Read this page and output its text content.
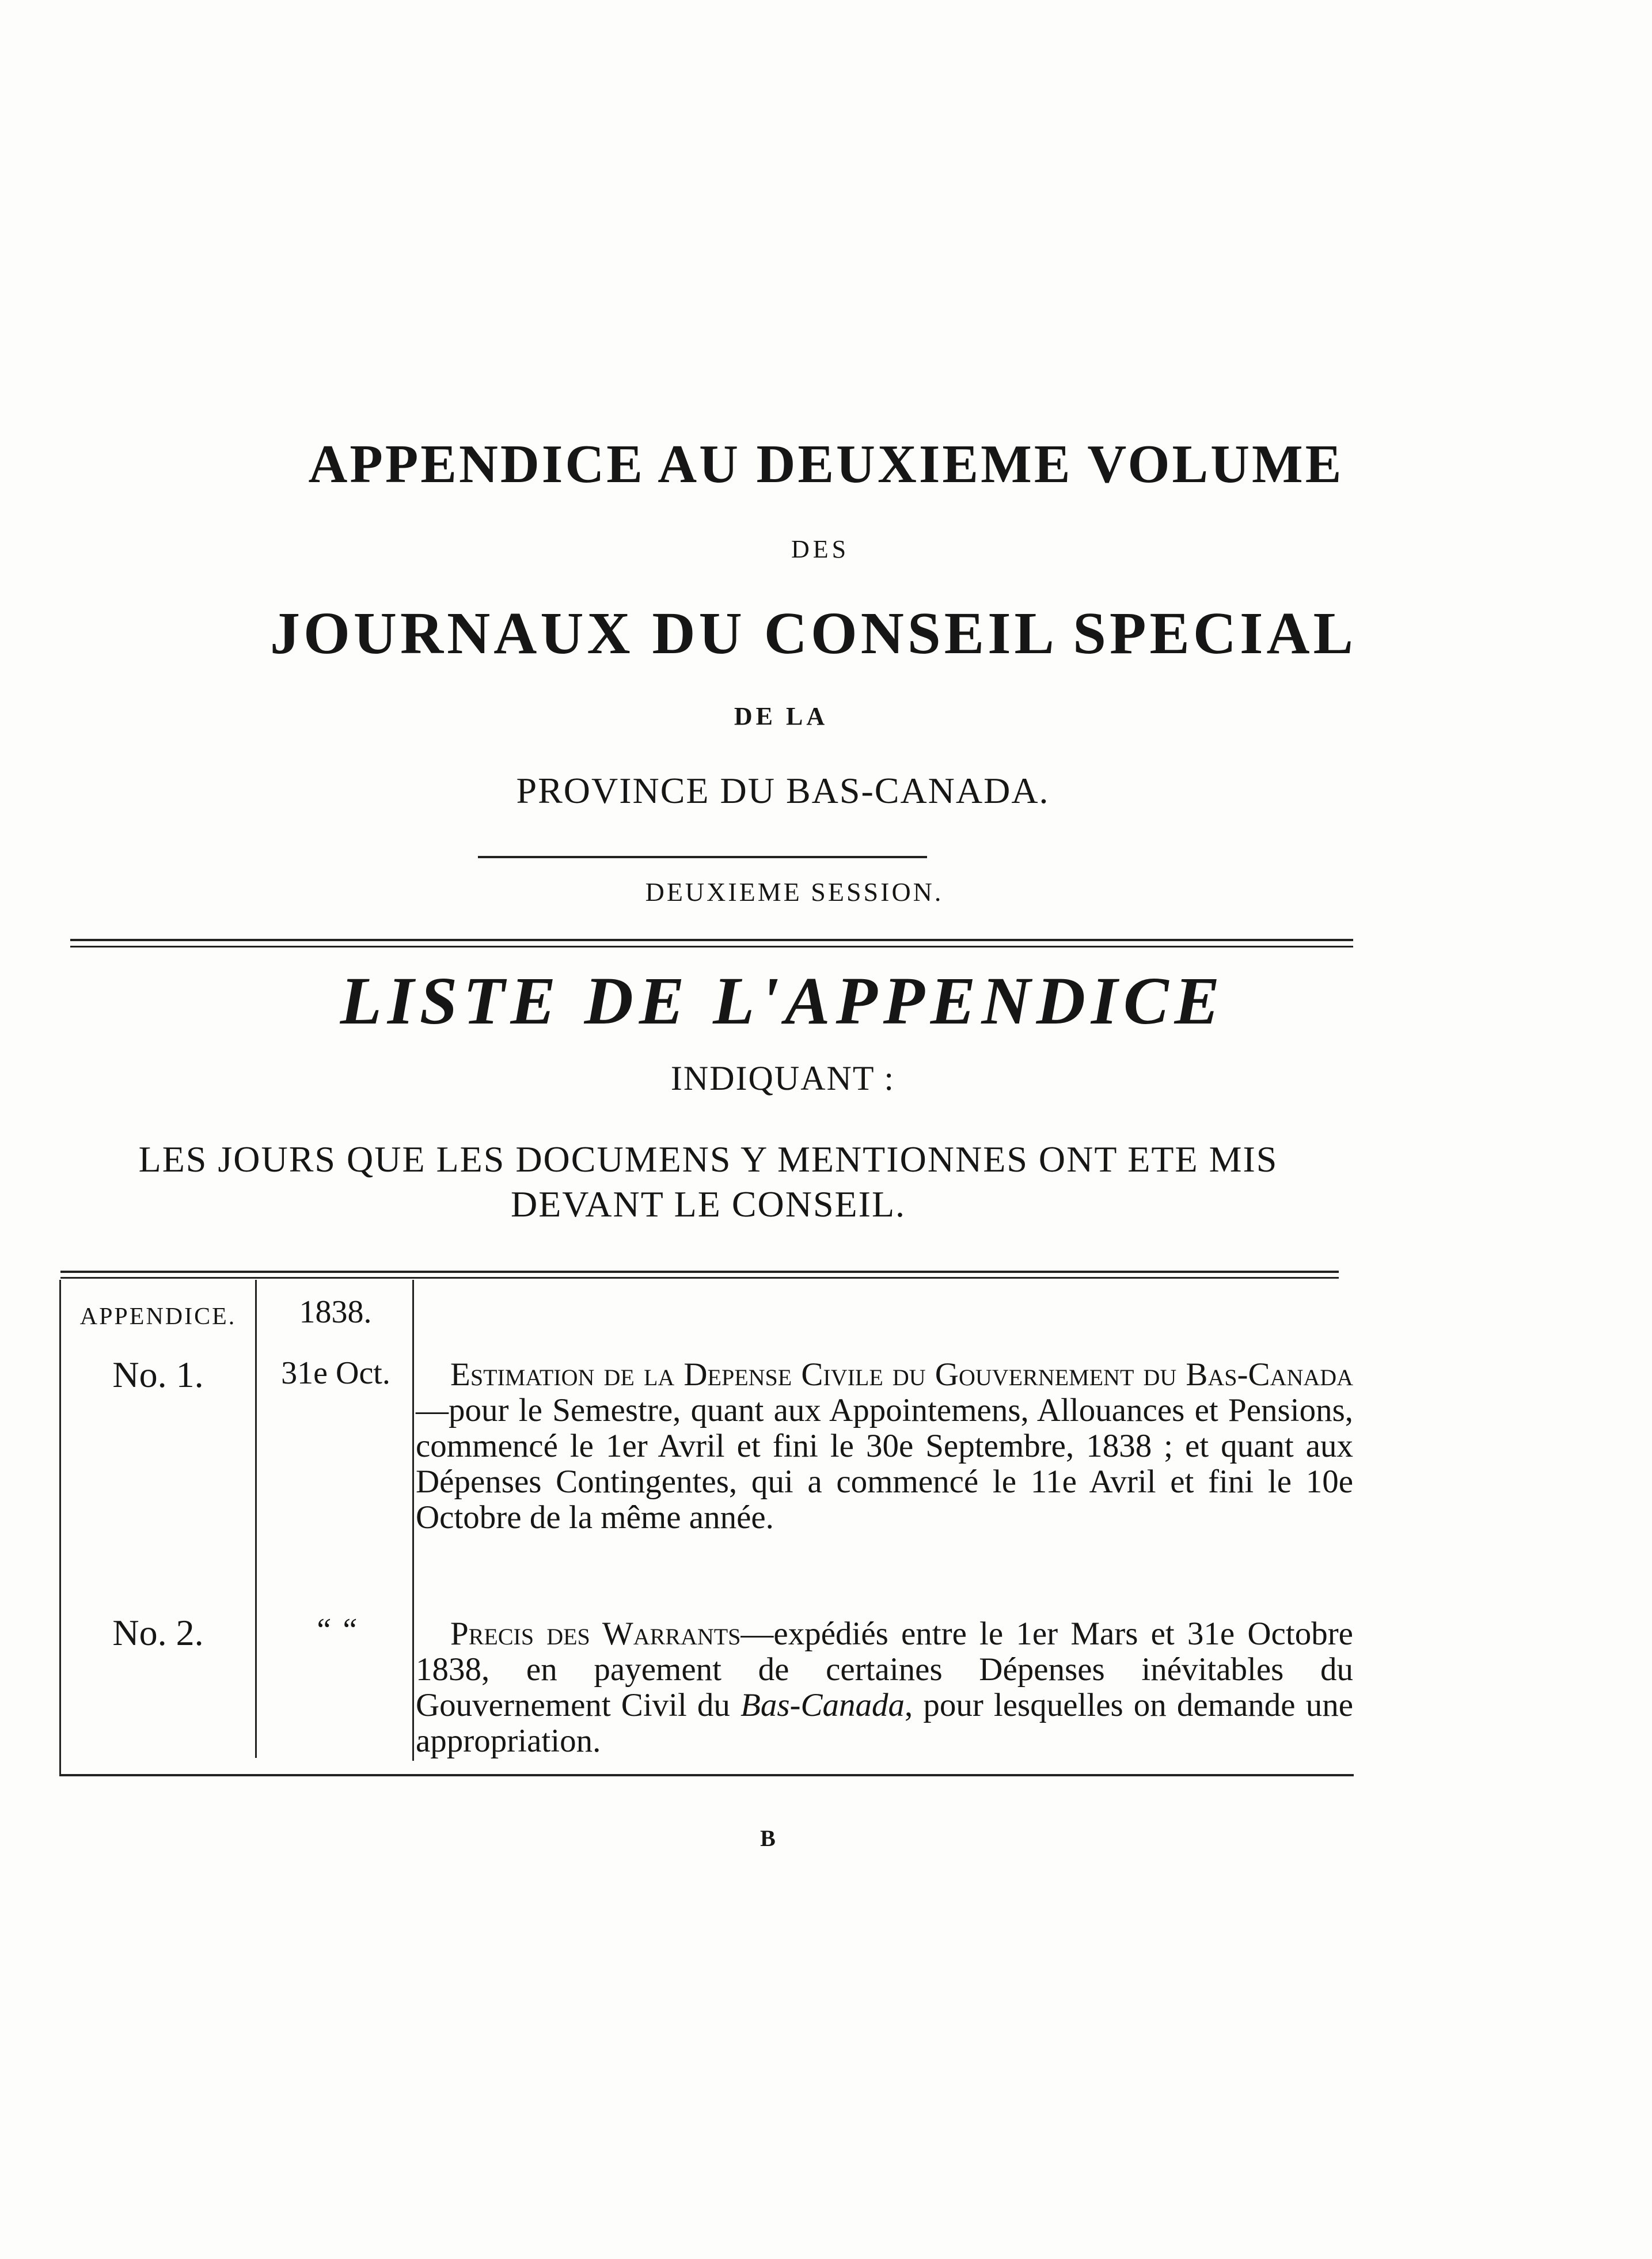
APPENDICE AU DEUXIEME VOLUME

DES

JOURNAUX DU CONSEIL SPECIAL

DE LA

PROVINCE DU BAS-CANADA.

DEUXIEME SESSION.

LISTE DE L'APPENDICE

INDIQUANT :

LES JOURS QUE LES DOCUMENS Y MENTIONNES ONT ETE MIS DEVANT LE CONSEIL.

APPENDICE.	1838.

No. 1.	31e Oct.	Estimation de la Depense Civile du Gouvernement du Bas-Canada—pour le Semestre, quant aux Appointemens, Allouances et Pensions, commencé le 1er Avril et fini le 30e Septembre, 1838 ; et quant aux Dépenses Contingentes, qui a commencé le 11e Avril et fini le 10e Octobre de la même année.

No. 2.	“ “	Precis des Warrants—expédiés entre le 1er Mars et 31e Octobre 1838, en payement de certaines Dépenses inévitables du Gouvernement Civil du Bas-Canada, pour lesquelles on demande une appropriation.

B
